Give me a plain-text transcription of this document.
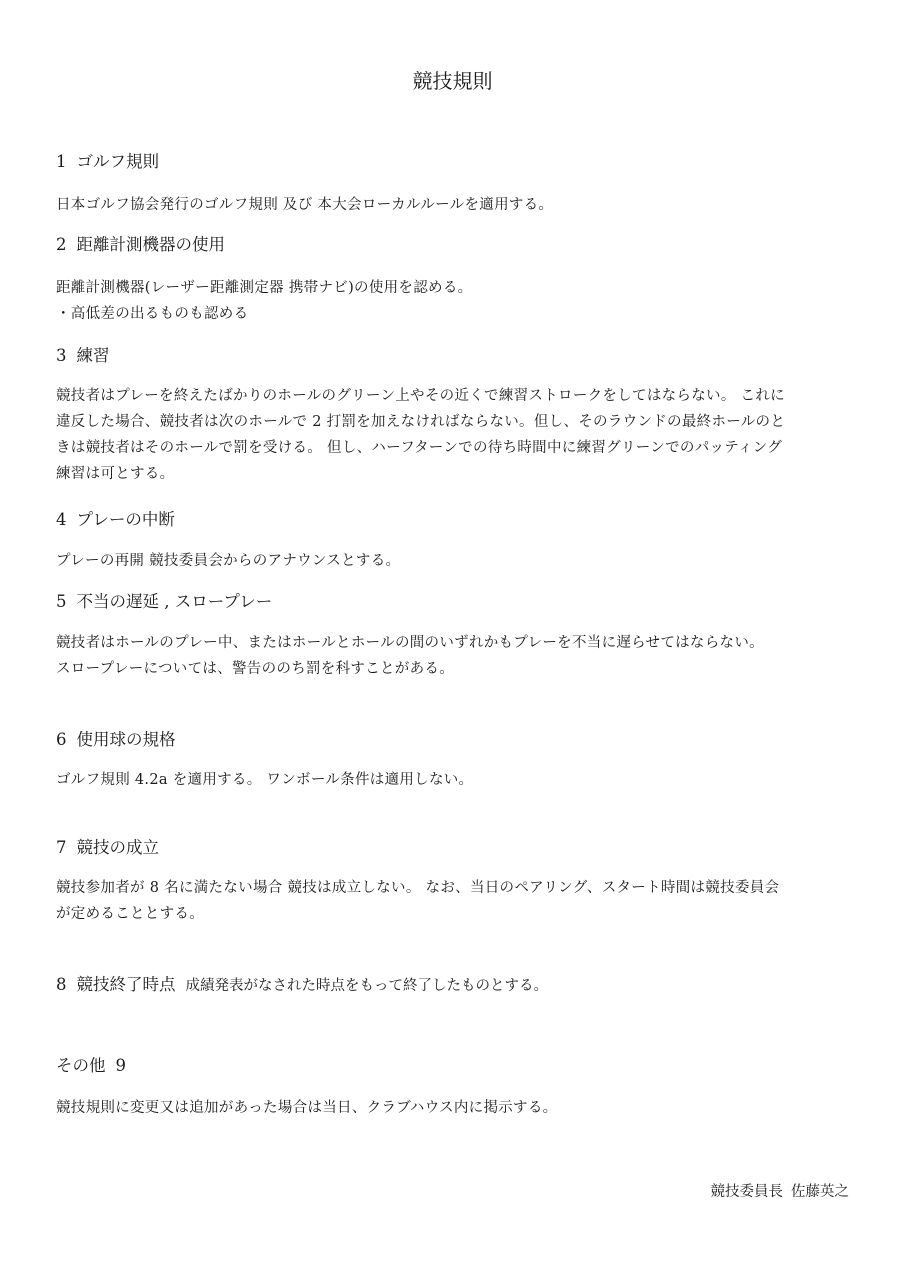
競技規則
1 ゴルフ規則
日本ゴルフ協会発行のゴルフ規則 及び 本大会ローカルルールを適用する。
2 距離計測機器の使用
距離計測機器(レーザー距離測定器 携帯ナビ)の使用を認める。
・高低差の出るものも認める
3 練習
競技者はプレーを終えたばかりのホールのグリーン上やその近くで練習ストロークをしてはならない。 これに
違反した場合、競技者は次のホールで 2 打罰を加えなければならない。但し、そのラウンドの最終ホールのと
きは競技者はそのホールで罰を受ける。 但し、ハーフターンでの待ち時間中に練習グリーンでのパッティング
練習は可とする。
4 プレーの中断
プレーの再開 競技委員会からのアナウンスとする。
5 不当の遅延 , スロープレー
競技者はホールのプレー中、またはホールとホールの間のいずれかもプレーを不当に遅らせてはならない。
スロープレーについては、警告ののち罰を科すことがある。
6 使用球の規格
ゴルフ規則 4.2a を適用する。 ワンボール条件は適用しない。
7 競技の成立
競技参加者が 8 名に満たない場合 競技は成立しない。 なお、当日のペアリング、スタート時間は競技委員会
が定めることとする。
8 競技終了時点 成績発表がなされた時点をもって終了したものとする。
その他 9
競技規則に変更又は追加があった場合は当日、クラブハウス内に掲示する。
競技委員長 佐藤英之
